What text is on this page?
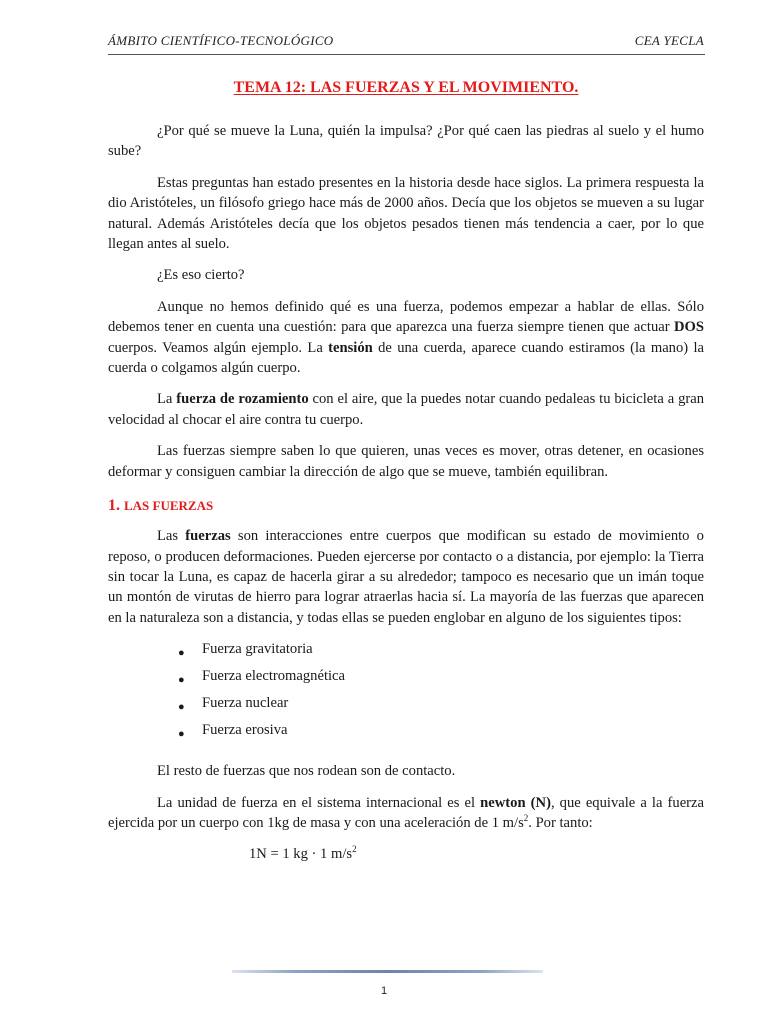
ÁMBITO CIENTÍFICO-TECNOLÓGICO	CEA YECLA
TEMA 12: LAS FUERZAS Y EL MOVIMIENTO.

¿Por qué se mueve la Luna, quién la impulsa? ¿Por qué caen las piedras al suelo y el humo sube?

Estas preguntas han estado presentes en la historia desde hace siglos. La primera respuesta la dio Aristóteles, un filósofo griego hace más de 2000 años. Decía que los objetos se mueven a su lugar natural. Además Aristóteles decía que los objetos pesados tienen más tendencia a caer, por lo que llegan antes al suelo.

¿Es eso cierto?

Aunque no hemos definido qué es una fuerza, podemos empezar a hablar de ellas. Sólo debemos tener en cuenta una cuestión: para que aparezca una fuerza siempre tienen que actuar DOS cuerpos. Veamos algún ejemplo. La tensión de una cuerda, aparece cuando estiramos (la mano) la cuerda o colgamos algún cuerpo.

La fuerza de rozamiento con el aire, que la puedes notar cuando pedaleas tu bicicleta a gran velocidad al chocar el aire contra tu cuerpo.

Las fuerzas siempre saben lo que quieren, unas veces es mover, otras detener, en ocasiones deformar y consiguen cambiar la dirección de algo que se mueve, también equilibran.

1. LAS FUERZAS

Las fuerzas son interacciones entre cuerpos que modifican su estado de movimiento o reposo, o producen deformaciones. Pueden ejercerse por contacto o a distancia, por ejemplo: la Tierra sin tocar la Luna, es capaz de hacerla girar a su alrededor; tampoco es necesario que un imán toque un montón de virutas de hierro para lograr atraerlas hacia sí. La mayoría de las fuerzas que aparecen en la naturaleza son a distancia, y todas ellas se pueden englobar en alguno de los siguientes tipos:

● Fuerza gravitatoria
● Fuerza electromagnética
● Fuerza nuclear
● Fuerza erosiva

El resto de fuerzas que nos rodean son de contacto.

La unidad de fuerza en el sistema internacional es el newton (N), que equivale a la fuerza ejercida por un cuerpo con 1kg de masa y con una aceleración de 1 $m/s^2$. Por tanto:

1N = 1 kg · 1 $m/s^2$
1
